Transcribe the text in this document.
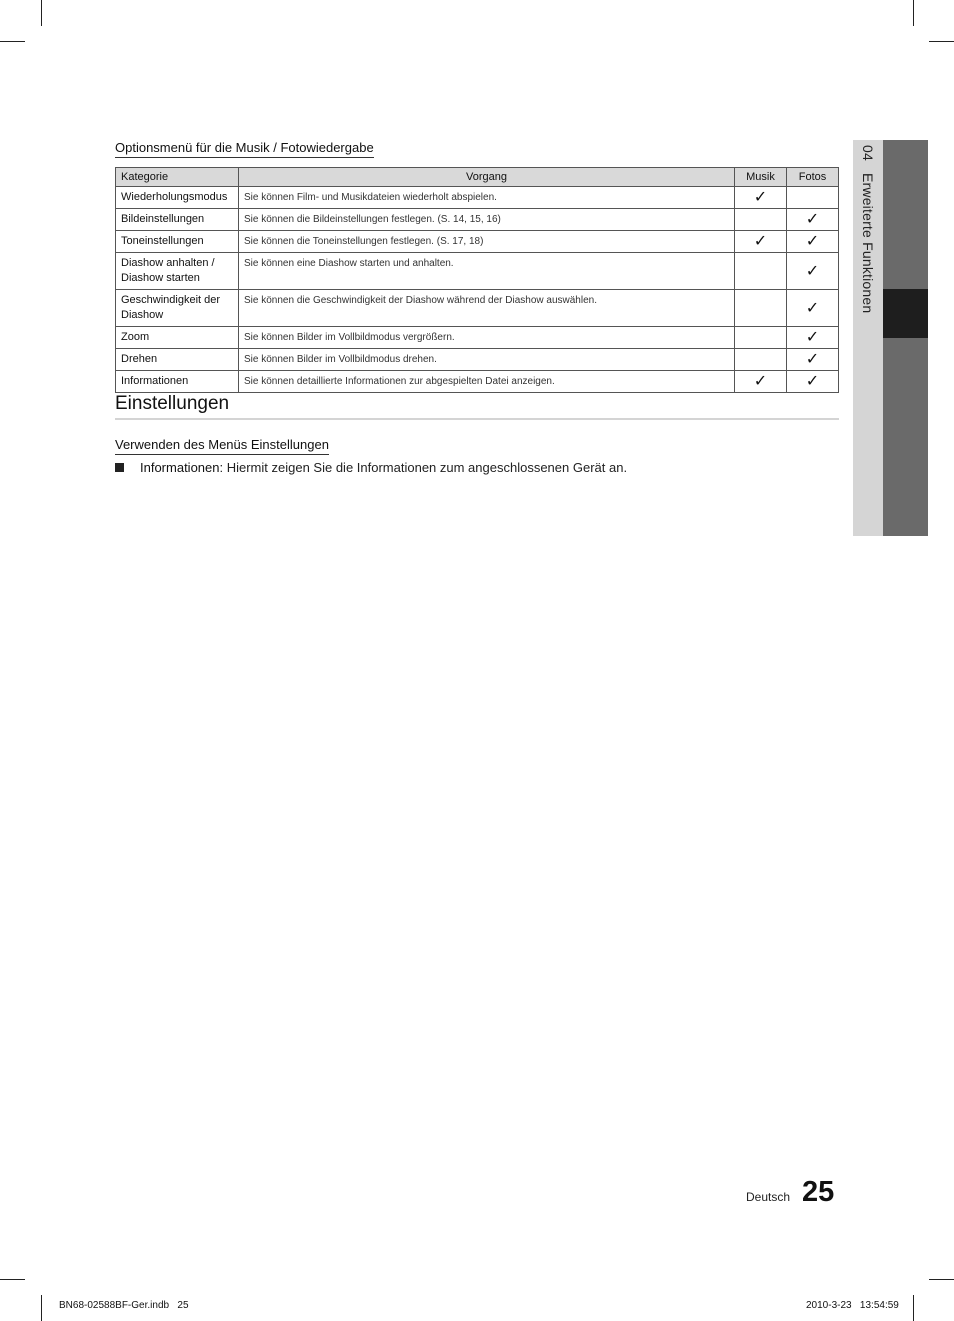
Optionsmenü für die Musik / Fotowiedergabe
Kategorie	Vorgang	Musik	Fotos
Wiederholungsmodus	Sie können Film- und Musikdateien wiederholt abspielen.	✓	
Bildeinstellungen	Sie können die Bildeinstellungen festlegen. (S. 14, 15, 16)		✓
Toneinstellungen	Sie können die Toneinstellungen festlegen. (S. 17, 18)	✓	✓
Diashow anhalten / Diashow starten	Sie können eine Diashow starten und anhalten.		✓
Geschwindigkeit der Diashow	Sie können die Geschwindigkeit der Diashow während der Diashow auswählen.		✓
Zoom	Sie können Bilder im Vollbildmodus vergrößern.		✓
Drehen	Sie können Bilder im Vollbildmodus drehen.		✓
Informationen	Sie können detaillierte Informationen zur abgespielten Datei anzeigen.	✓	✓
Einstellungen
Verwenden des Menüs Einstellungen
Informationen: Hiermit zeigen Sie die Informationen zum angeschlossenen Gerät an.
04Erweiterte Funktionen
Deutsch 25
BN68-02588BF-Ger.indb   25	2010-3-23   13:54:59
